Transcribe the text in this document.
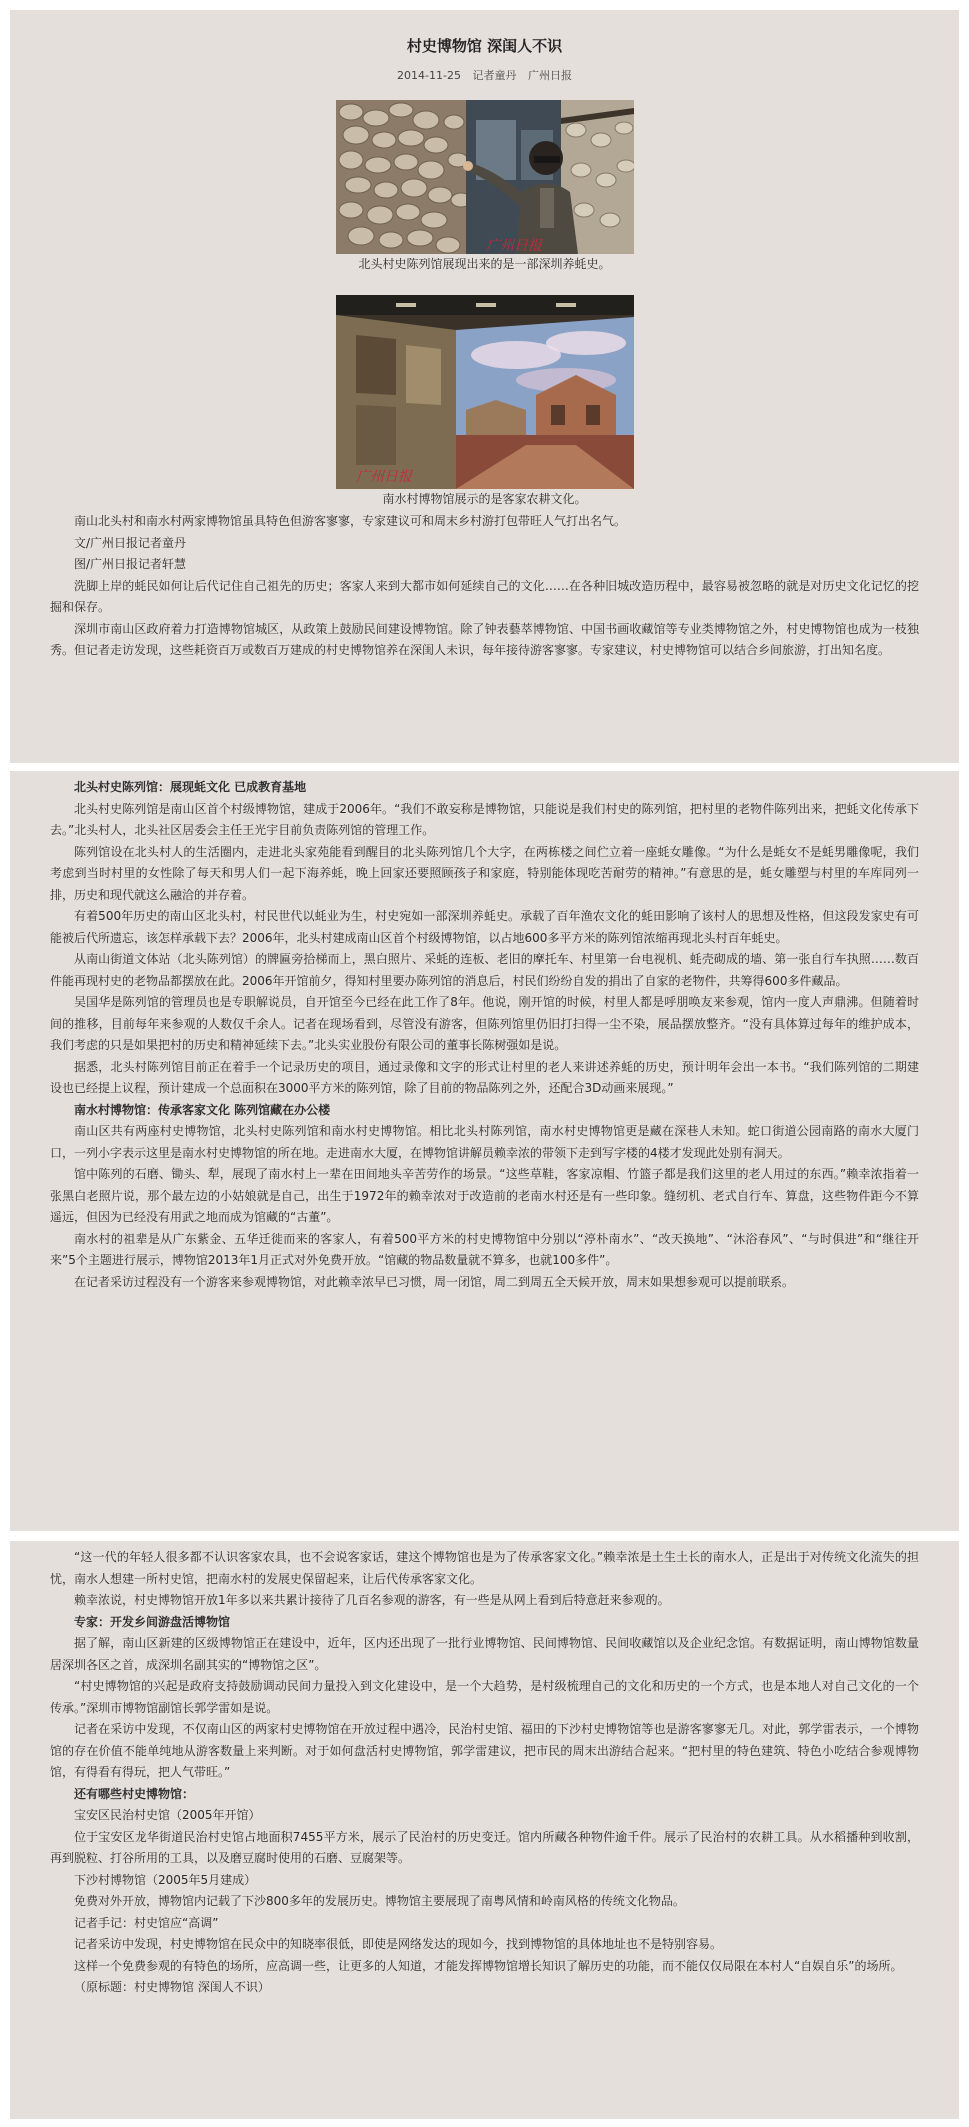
村史博物馆 深闺人不识
2014-11-25 记者童丹 广州日报
广州日报
北头村史陈列馆展现出来的是一部深圳养蚝史。
广州日报
南水村博物馆展示的是客家农耕文化。

南山北头村和南水村两家博物馆虽具特色但游客寥寥，专家建议可和周末乡村游打包带旺人气打出名气。

文/广州日报记者童丹

图/广州日报记者轩慧

洗脚上岸的蚝民如何让后代记住自己祖先的历史；客家人来到大都市如何延续自己的文化……在各种旧城改造历程中，最容易被忽略的就是对历史文化记忆的挖掘和保存。

深圳市南山区政府着力打造博物馆城区，从政策上鼓励民间建设博物馆。除了钟表藝萃博物馆、中国书画收藏馆等专业类博物馆之外，村史博物馆也成为一枝独秀。但记者走访发现，这些耗资百万或数百万建成的村史博物馆养在深闺人未识，每年接待游客寥寥。专家建议，村史博物馆可以结合乡间旅游，打出知名度。

北头村史陈列馆：展现蚝文化 已成教育基地

北头村史陈列馆是南山区首个村级博物馆，建成于2006年。“我们不敢妄称是博物馆，只能说是我们村史的陈列馆，把村里的老物件陈列出来，把蚝文化传承下去。”北头村人，北头社区居委会主任王光宇目前负责陈列馆的管理工作。

陈列馆设在北头村人的生活圈内，走进北头家苑能看到醒目的北头陈列馆几个大字，在两栋楼之间伫立着一座蚝女雕像。“为什么是蚝女不是蚝男雕像呢，我们考虑到当时村里的女性除了每天和男人们一起下海养蚝，晚上回家还要照顾孩子和家庭，特别能体现吃苦耐劳的精神。”有意思的是，蚝女雕塑与村里的车库同列一排，历史和现代就这么融洽的并存着。

有着500年历史的南山区北头村，村民世代以蚝业为生，村史宛如一部深圳养蚝史。承载了百年渔农文化的蚝田影响了该村人的思想及性格，但这段发家史有可能被后代所遗忘，该怎样承载下去？2006年，北头村建成南山区首个村级博物馆，以占地600多平方米的陈列馆浓缩再现北头村百年蚝史。

从南山街道文体站（北头陈列馆）的牌匾旁拾梯而上，黑白照片、采蚝的连板、老旧的摩托车、村里第一台电视机、蚝壳砌成的墙、第一张自行车执照……数百件能再现村史的老物品都摆放在此。2006年开馆前夕，得知村里要办陈列馆的消息后，村民们纷纷自发的捐出了自家的老物件，共筹得600多件藏品。

吴国华是陈列馆的管理员也是专职解说员，自开馆至今已经在此工作了8年。他说，刚开馆的时候，村里人都是呼朋唤友来参观，馆内一度人声鼎沸。但随着时间的推移，目前每年来参观的人数仅千余人。记者在现场看到，尽管没有游客，但陈列馆里仍旧打扫得一尘不染，展品摆放整齐。“没有具体算过每年的维护成本，我们考虑的只是如果把村的历史和精神延续下去。”北头实业股份有限公司的董事长陈树强如是说。

据悉，北头村陈列馆目前正在着手一个记录历史的项目，通过录像和文字的形式让村里的老人来讲述养蚝的历史，预计明年会出一本书。“我们陈列馆的二期建设也已经提上议程，预计建成一个总面积在3000平方米的陈列馆，除了目前的物品陈列之外，还配合3D动画来展现。”

南水村博物馆：传承客家文化 陈列馆藏在办公楼

南山区共有两座村史博物馆，北头村史陈列馆和南水村史博物馆。相比北头村陈列馆，南水村史博物馆更是藏在深巷人未知。蛇口街道公园南路的南水大厦门口，一列小字表示这里是南水村史博物馆的所在地。走进南水大厦，在博物馆讲解员赖幸浓的带领下走到写字楼的4楼才发现此处别有洞天。

馆中陈列的石磨、锄头、犁，展现了南水村上一辈在田间地头辛苦劳作的场景。“这些草鞋，客家凉帽、竹篮子都是我们这里的老人用过的东西。”赖幸浓指着一张黑白老照片说，那个最左边的小姑娘就是自己，出生于1972年的赖幸浓对于改造前的老南水村还是有一些印象。缝纫机、老式自行车、算盘，这些物件距今不算遥远，但因为已经没有用武之地而成为馆藏的“古董”。

南水村的祖辈是从广东紫金、五华迁徙而来的客家人，有着500平方米的村史博物馆中分别以“渟朴南水”、“改天换地”、“沐浴春风”、“与时俱进”和“继往开来”5个主题进行展示，博物馆2013年1月正式对外免费开放。“馆藏的物品数量就不算多，也就100多件”。

在记者采访过程没有一个游客来参观博物馆，对此赖幸浓早已习惯，周一闭馆，周二到周五全天候开放，周末如果想参观可以提前联系。

“这一代的年轻人很多都不认识客家农具，也不会说客家话，建这个博物馆也是为了传承客家文化。”赖幸浓是土生土长的南水人，正是出于对传统文化流失的担忧，南水人想建一所村史馆，把南水村的发展史保留起来，让后代传承客家文化。

赖幸浓说，村史博物馆开放1年多以来共累计接待了几百名参观的游客，有一些是从网上看到后特意赶来参观的。

专家：开发乡间游盘活博物馆

据了解，南山区新建的区级博物馆正在建设中，近年，区内还出现了一批行业博物馆、民间博物馆、民间收藏馆以及企业纪念馆。有数据证明，南山博物馆数量居深圳各区之首，成深圳名副其实的“博物馆之区”。

“村史博物馆的兴起是政府支持鼓励调动民间力量投入到文化建设中，是一个大趋势，是村级梳理自己的文化和历史的一个方式，也是本地人对自己文化的一个传承。”深圳市博物馆副馆长郭学雷如是说。

记者在采访中发现，不仅南山区的两家村史博物馆在开放过程中遇冷，民治村史馆、福田的下沙村史博物馆等也是游客寥寥无几。对此，郭学雷表示，一个博物馆的存在价值不能单纯地从游客数量上来判断。对于如何盘活村史博物馆，郭学雷建议，把市民的周末出游结合起来。“把村里的特色建筑、特色小吃结合参观博物馆，有得看有得玩，把人气带旺。”

还有哪些村史博物馆：

宝安区民治村史馆（2005年开馆）

位于宝安区龙华街道民治村史馆占地面积7455平方米，展示了民治村的历史变迁。馆内所藏各种物件逾千件。展示了民治村的农耕工具。从水稻播种到收割，再到脱粒、打谷所用的工具，以及磨豆腐时使用的石磨、豆腐架等。

下沙村博物馆（2005年5月建成）

免费对外开放，博物馆内记载了下沙800多年的发展历史。博物馆主要展现了南粤风情和岭南风格的传统文化物品。

记者手记：村史馆应“高调”

记者采访中发现，村史博物馆在民众中的知晓率很低，即使是网络发达的现如今，找到博物馆的具体地址也不是特别容易。

这样一个免费参观的有特色的场所，应高调一些，让更多的人知道，才能发挥博物馆增长知识了解历史的功能，而不能仅仅局限在本村人“自娱自乐”的场所。

（原标题：村史博物馆 深闺人不识）
